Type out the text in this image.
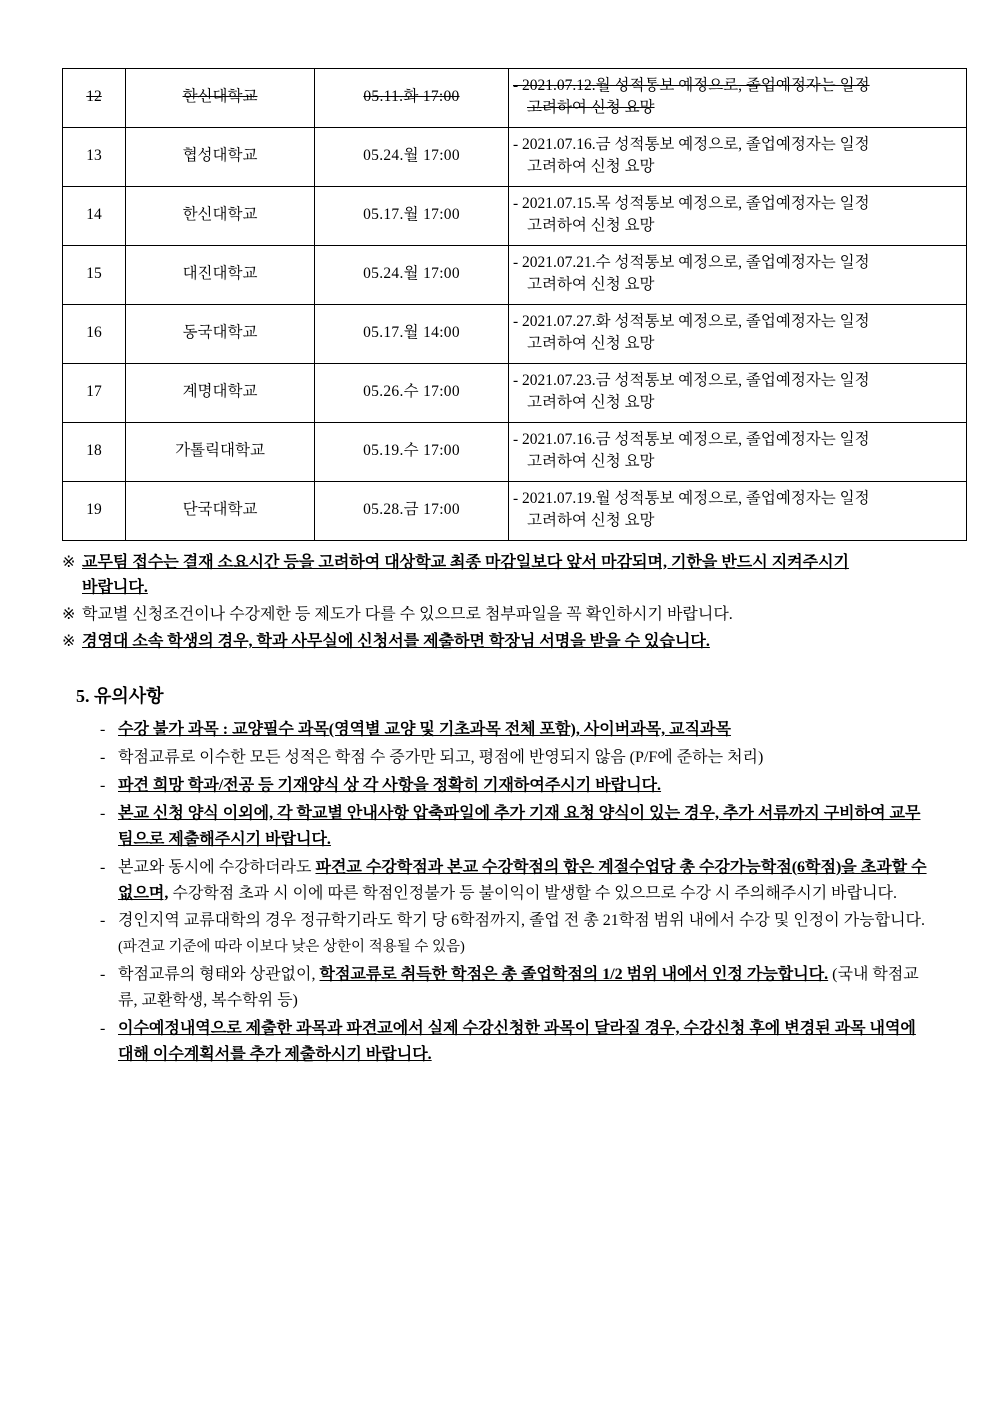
12	한신대학교	05.11.화 17:00	- 2021.07.12.월 성적통보 예정으로, 졸업예정자는 일정
고려하여 신청 요망

13	협성대학교	05.24.월 17:00	- 2021.07.16.금 성적통보 예정으로, 졸업예정자는 일정
고려하여 신청 요망

14	한신대학교	05.17.월 17:00	- 2021.07.15.목 성적통보 예정으로, 졸업예정자는 일정
고려하여 신청 요망

15	대진대학교	05.24.월 17:00	- 2021.07.21.수 성적통보 예정으로, 졸업예정자는 일정
고려하여 신청 요망

16	동국대학교	05.17.월 14:00	- 2021.07.27.화 성적통보 예정으로, 졸업예정자는 일정
고려하여 신청 요망

17	계명대학교	05.26.수 17:00	- 2021.07.23.금 성적통보 예정으로, 졸업예정자는 일정
고려하여 신청 요망

18	가톨릭대학교	05.19.수 17:00	- 2021.07.16.금 성적통보 예정으로, 졸업예정자는 일정
고려하여 신청 요망

19	단국대학교	05.28.금 17:00	- 2021.07.19.월 성적통보 예정으로, 졸업예정자는 일정
고려하여 신청 요망
※ 교무팀 접수는 결재 소요시간 등을 고려하여 대상학교 최종 마감일보다 앞서 마감되며, 기한을 반드시 지켜주시기
바랍니다.
※ 학교별 신청조건이나 수강제한 등 제도가 다를 수 있으므로 첨부파일을 꼭 확인하시기 바랍니다.
※ 경영대 소속 학생의 경우, 학과 사무실에 신청서를 제출하면 학장님 서명을 받을 수 있습니다.
5. 유의사항
- 수강 불가 과목 : 교양필수 과목(영역별 교양 및 기초과목 전체 포함), 사이버과목, 교직과목
- 학점교류로 이수한 모든 성적은 학점 수 증가만 되고, 평점에 반영되지 않음 (P/F에 준하는 처리)
- 파견 희망 학과/전공 등 기재양식 상 각 사항을 정확히 기재하여주시기 바랍니다.
- 본교 신청 양식 이외에, 각 학교별 안내사항 압축파일에 추가 기재 요청 양식이 있는 경우, 추가 서류까지 구비하여 교무팀으로 제출해주시기 바랍니다.
- 본교와 동시에 수강하더라도 파견교 수강학점과 본교 수강학점의 합은 계절수업당 총 수강가능학점(6학점)을 초과할 수 없으며, 수강학점 초과 시 이에 따른 학점인정불가 등 불이익이 발생할 수 있으므로 수강 시 주의해주시기 바랍니다.
- 경인지역 교류대학의 경우 정규학기라도 학기 당 6학점까지, 졸업 전 총 21학점 범위 내에서 수강 및 인정이 가능합니다. (파견교 기준에 따라 이보다 낮은 상한이 적용될 수 있음)
- 학점교류의 형태와 상관없이, 학점교류로 취득한 학점은 총 졸업학점의 1/2 범위 내에서 인정 가능합니다. (국내 학점교류, 교환학생, 복수학위 등)
- 이수예정내역으로 제출한 과목과 파견교에서 실제 수강신청한 과목이 달라질 경우, 수강신청 후에 변경된 과목 내역에 대해 이수계획서를 추가 제출하시기 바랍니다.
